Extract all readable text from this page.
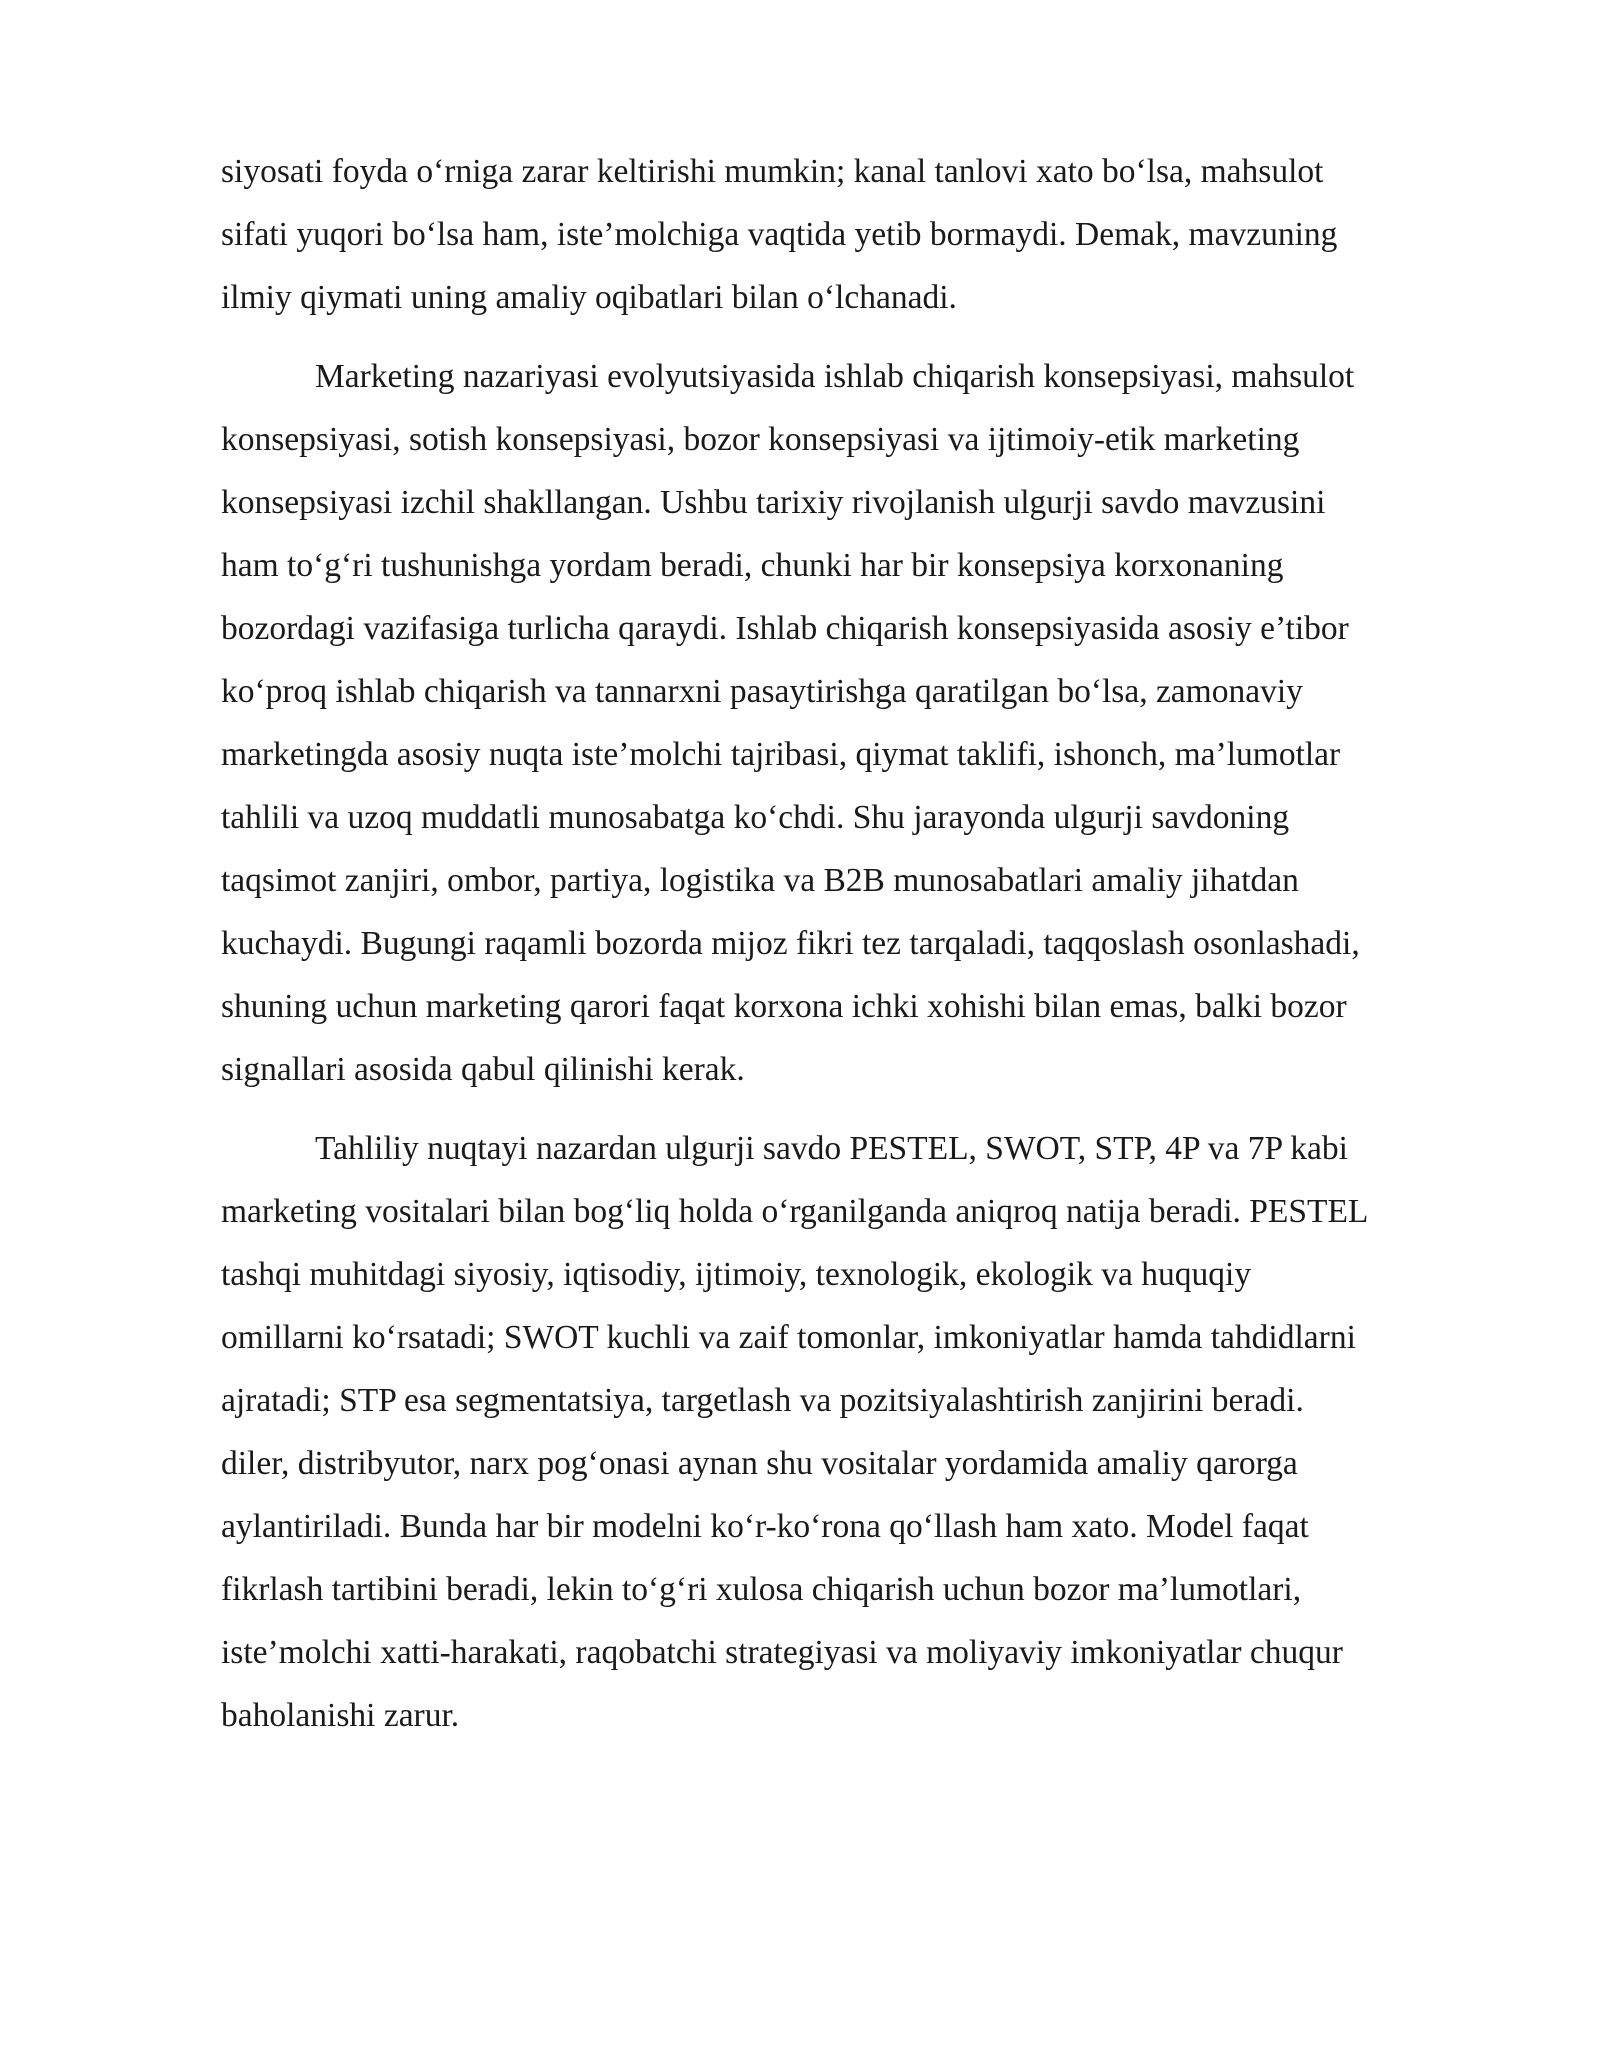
siyosati foyda o‘rniga zarar keltirishi mumkin; kanal tanlovi xato bo‘lsa, mahsulot
sifati yuqori bo‘lsa ham, iste’molchiga vaqtida yetib bormaydi. Demak, mavzuning
ilmiy qiymati uning amaliy oqibatlari bilan o‘lchanadi.

Marketing nazariyasi evolyutsiyasida ishlab chiqarish konsepsiyasi, mahsulot
konsepsiyasi, sotish konsepsiyasi, bozor konsepsiyasi va ijtimoiy-etik marketing
konsepsiyasi izchil shakllangan. Ushbu tarixiy rivojlanish ulgurji savdo mavzusini
ham to‘g‘ri tushunishga yordam beradi, chunki har bir konsepsiya korxonaning
bozordagi vazifasiga turlicha qaraydi. Ishlab chiqarish konsepsiyasida asosiy e’tibor
ko‘proq ishlab chiqarish va tannarxni pasaytirishga qaratilgan bo‘lsa, zamonaviy
marketingda asosiy nuqta iste’molchi tajribasi, qiymat taklifi, ishonch, ma’lumotlar
tahlili va uzoq muddatli munosabatga ko‘chdi. Shu jarayonda ulgurji savdoning
taqsimot zanjiri, ombor, partiya, logistika va B2B munosabatlari amaliy jihatdan
kuchaydi. Bugungi raqamli bozorda mijoz fikri tez tarqaladi, taqqoslash osonlashadi,
shuning uchun marketing qarori faqat korxona ichki xohishi bilan emas, balki bozor
signallari asosida qabul qilinishi kerak.

Tahliliy nuqtayi nazardan ulgurji savdo PESTEL, SWOT, STP, 4P va 7P kabi
marketing vositalari bilan bog‘liq holda o‘rganilganda aniqroq natija beradi. PESTEL
tashqi muhitdagi siyosiy, iqtisodiy, ijtimoiy, texnologik, ekologik va huquqiy
omillarni ko‘rsatadi; SWOT kuchli va zaif tomonlar, imkoniyatlar hamda tahdidlarni
ajratadi; STP esa segmentatsiya, targetlash va pozitsiyalashtirish zanjirini beradi.
diler, distribyutor, narx pog‘onasi aynan shu vositalar yordamida amaliy qarorga
aylantiriladi. Bunda har bir modelni ko‘r-ko‘rona qo‘llash ham xato. Model faqat
fikrlash tartibini beradi, lekin to‘g‘ri xulosa chiqarish uchun bozor ma’lumotlari,
iste’molchi xatti-harakati, raqobatchi strategiyasi va moliyaviy imkoniyatlar chuqur
baholanishi zarur.
